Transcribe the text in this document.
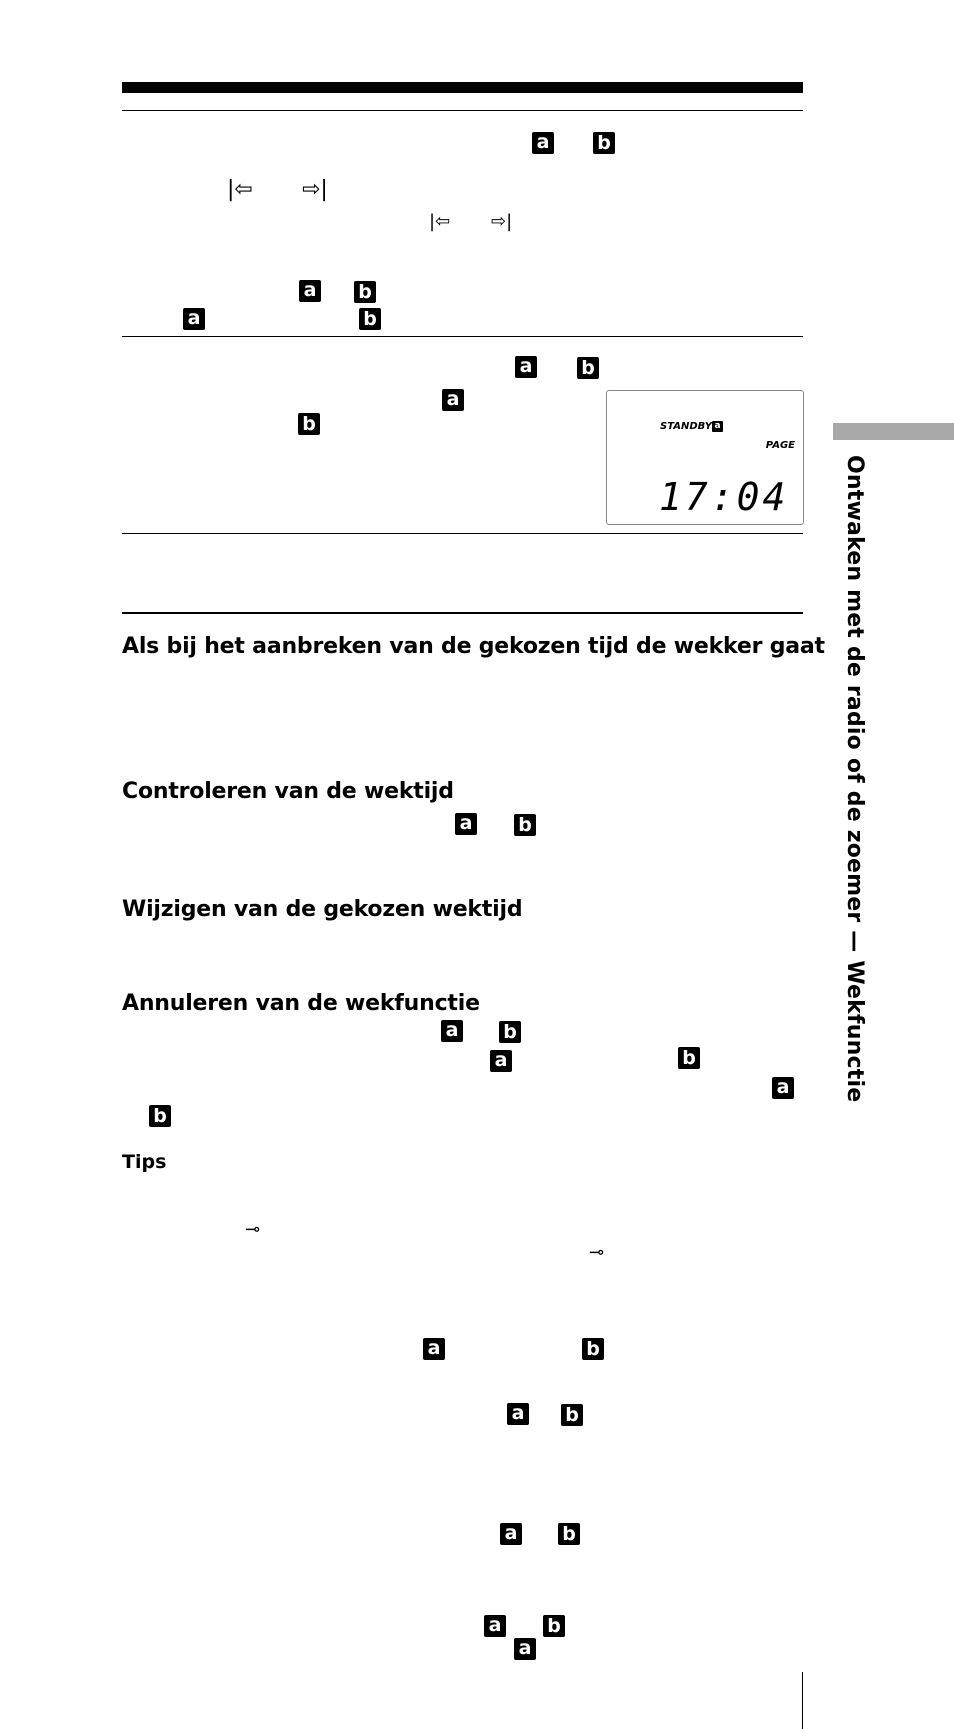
a	b
|⇦ ⇨|
|⇦ ⇨|
a b
a	b
a	b
a
b	STANDBY a
PAGE
17:04
Als bij het aanbreken van de gekozen tijd de wekker gaat
Controleren van de wektijd
a b
Wijzigen van de gekozen wektijd
Annuleren van de wekfunctie
a b
a	b
a
b
Tips
⊸
⊸
a	b
a b
a b
a b
a
Ontwaken met de radio of de zoemer — Wekfunctie
